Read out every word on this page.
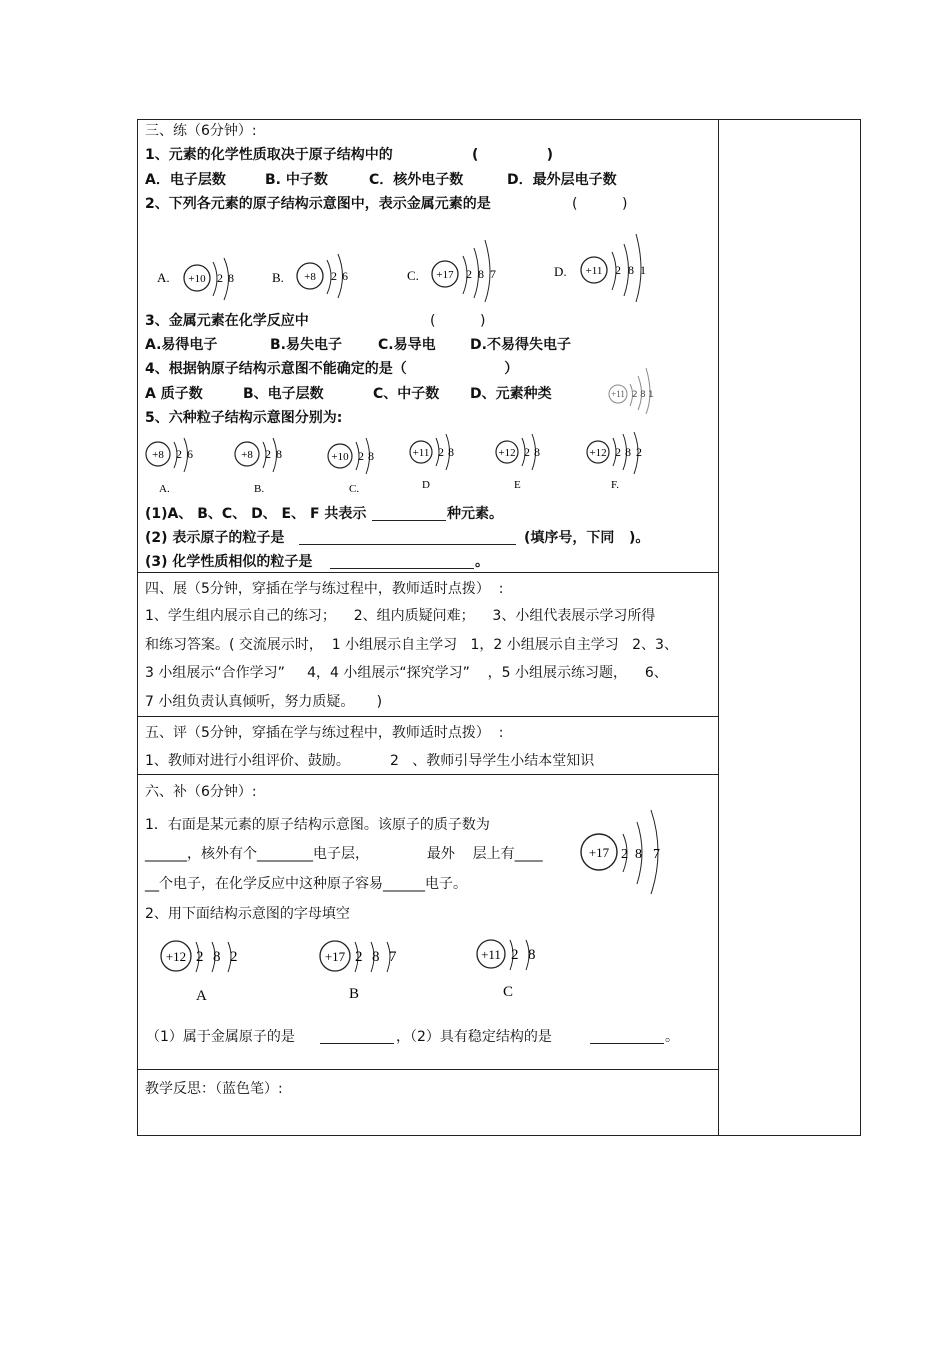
三、练（6分钟）:
1、元素的化学性质取决于原子结构中的	(              )
A．电子层数	B. 中子数	C．核外电子数	D．最外层电子数
2、下列各元素的原子结构示意图中，表示金属元素的是	(          )
A. +10 2 8	B. +8 2 6	C. +17 2 8 7	D. +11 2 8 1
3、金属元素在化学反应中	(          )
A.易得电子	B.易失电子	C.易导电 D.不易得失电子
4、根据钠原子结构示意图不能确定的是（                    ）
A 质子数	B、电子层数	C、中子数 D、元素种类	+11 2 8 1
5、六种粒子结构示意图分别为:
+8 2 6
A.
+8 2 8
B.
+10 2 8
C.
+11 2 8
D
+12 2 8
E
+12 2 8 2
F.
(1)A、 B、C、 D、 E、 F 共表示	种元素。
(2) 表示原子的粒子是	(填序号，下同   )。
(3) 化学性质相似的粒子是	。
四、展（5分钟，穿插在学与练过程中，教师适时点拨）  :
1、学生组内展示自己的练习；    2、组内质疑问难；    3、小组代表展示学习所得
和练习答案。( 交流展示时，  1 小组展示自主学习   1，2 小组展示自主学习   2、3、
3 小组展示“合作学习”     4，4 小组展示“探究学习”    ，5 小组展示练习题，    6、
7 小组负责认真倾听，努力质疑。     )
五、评（5分钟，穿插在学与练过程中，教师适时点拨）  :
1、教师对进行小组评价、鼓励。         2   、教师引导学生小结本堂知识
六、补（6分钟）:
1．右面是某元素的原子结构示意图。该原子的质子数为
______，核外有个________电子层，             最外    层上有____
__个电子，在化学反应中这种原子容易______电子。
+17 2 8 7
2、用下面结构示意图的字母填空
+12 2 8 2
A
+17 2 8 7
B
+11 2 8
C
（1）属于金属原子的是	，（2）具有稳定结构的是	。
教学反思：（蓝色笔）:
